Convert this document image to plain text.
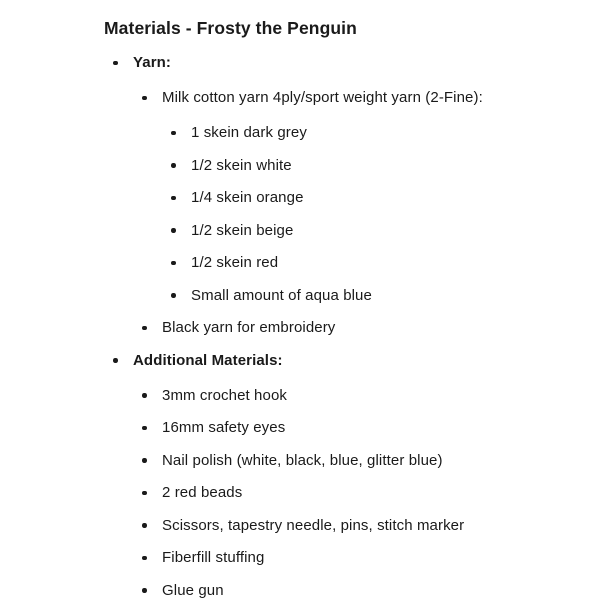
Materials - Frosty the Penguin
Yarn:
Milk cotton yarn 4ply/sport weight yarn (2-Fine):
1 skein dark grey
1/2 skein white
1/4 skein orange
1/2 skein beige
1/2 skein red
Small amount of aqua blue
Black yarn for embroidery
Additional Materials:
3mm crochet hook
16mm safety eyes
Nail polish (white, black, blue, glitter blue)
2 red beads
Scissors, tapestry needle, pins, stitch marker
Fiberfill stuffing
Glue gun
